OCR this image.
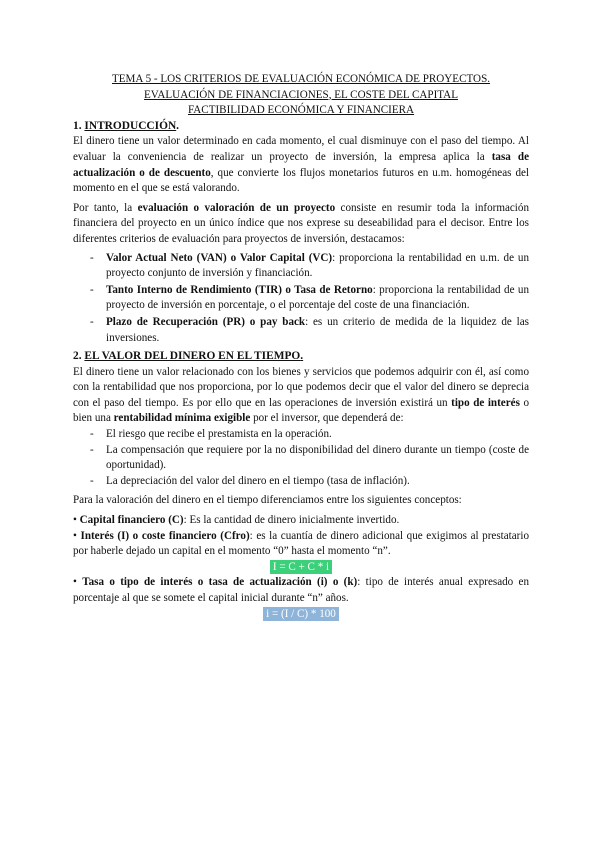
TEMA 5 - LOS CRITERIOS DE EVALUACIÓN ECONÓMICA DE PROYECTOS.
EVALUACIÓN DE FINANCIACIONES, EL COSTE DEL CAPITAL
FACTIBILIDAD ECONÓMICA Y FINANCIERA

1. INTRODUCCIÓN.

El dinero tiene un valor determinado en cada momento, el cual disminuye con el paso del tiempo. Al evaluar la conveniencia de realizar un proyecto de inversión, la empresa aplica la tasa de actualización o de descuento, que convierte los flujos monetarios futuros en u.m. homogéneas del momento en el que se está valorando.

Por tanto, la evaluación o valoración de un proyecto consiste en resumir toda la información financiera del proyecto en un único índice que nos exprese su deseabilidad para el decisor. Entre los diferentes criterios de evaluación para proyectos de inversión, destacamos:

- Valor Actual Neto (VAN) o Valor Capital (VC): proporciona la rentabilidad en u.m. de un proyecto conjunto de inversión y financiación.
- Tanto Interno de Rendimiento (TIR) o Tasa de Retorno: proporciona la rentabilidad de un proyecto de inversión en porcentaje, o el porcentaje del coste de una financiación.
- Plazo de Recuperación (PR) o pay back: es un criterio de medida de la liquidez de las inversiones.
2. EL VALOR DEL DINERO EN EL TIEMPO.

El dinero tiene un valor relacionado con los bienes y servicios que podemos adquirir con él, así como con la rentabilidad que nos proporciona, por lo que podemos decir que el valor del dinero se deprecia con el paso del tiempo. Es por ello que en las operaciones de inversión existirá un tipo de interés o bien una rentabilidad mínima exigible por el inversor, que dependerá de:

- El riesgo que recibe el prestamista en la operación.
- La compensación que requiere por la no disponibilidad del dinero durante un tiempo (coste de oportunidad).
- La depreciación del valor del dinero en el tiempo (tasa de inflación).

Para la valoración del dinero en el tiempo diferenciamos entre los siguientes conceptos:

• Capital financiero (C): Es la cantidad de dinero inicialmente invertido.

• Interés (I) o coste financiero (Cfro): es la cuantía de dinero adicional que exigimos al prestatario por haberle dejado un capital en el momento “0” hasta el momento “n”.

I = C + C * i

• Tasa o tipo de interés o tasa de actualización (i) o (k): tipo de interés anual expresado en porcentaje al que se somete el capital inicial durante “n” años.

i = (I / C) * 100
